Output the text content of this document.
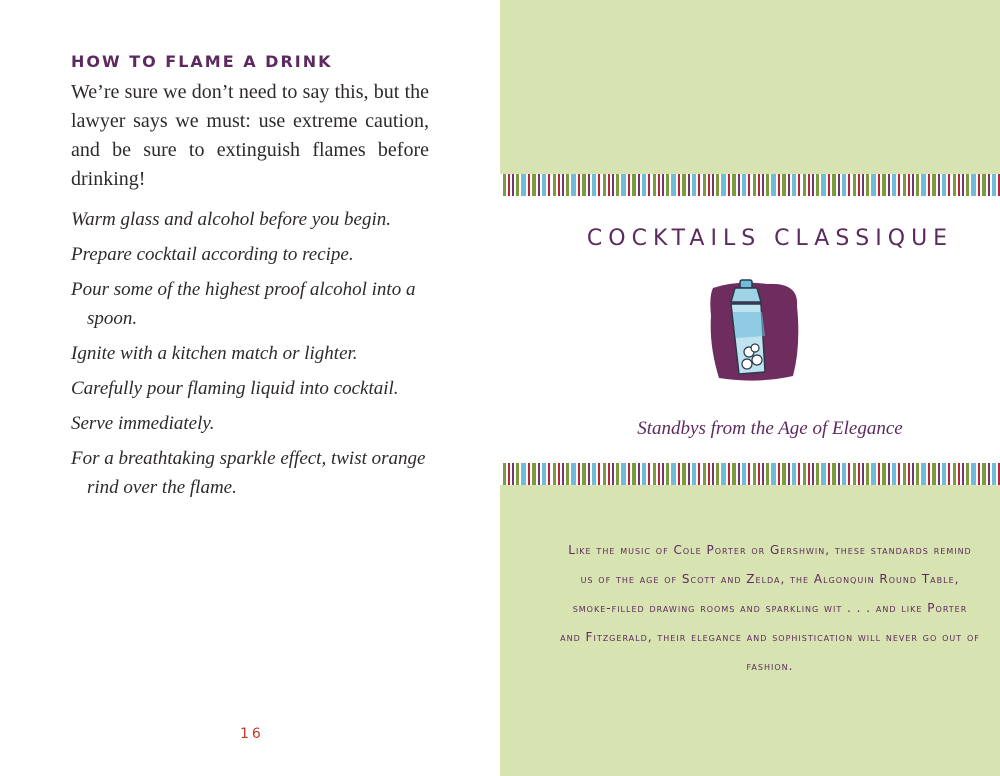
HOW TO FLAME A DRINK
We’re sure we don’t need to say this, but the lawyer says we must: use extreme caution, and be sure to extinguish flames before drinking!
Warm glass and alcohol before you begin.
Prepare cocktail according to recipe.
Pour some of the highest proof alcohol into a spoon.
Ignite with a kitchen match or lighter.
Carefully pour flaming liquid into cocktail.
Serve immediately.
For a breathtaking sparkle effect, twist orange rind over the flame.
16
COCKTAILS CLASSIQUE
Standbys from the Age of Elegance
Like the music of Cole Porter or Gershwin, these standards remind us of the age of Scott and Zelda, the Algonquin Round Table, smoke-filled drawing rooms and sparkling wit . . . and like Porter and Fitzgerald, their elegance and sophistication will never go out of fashion.
